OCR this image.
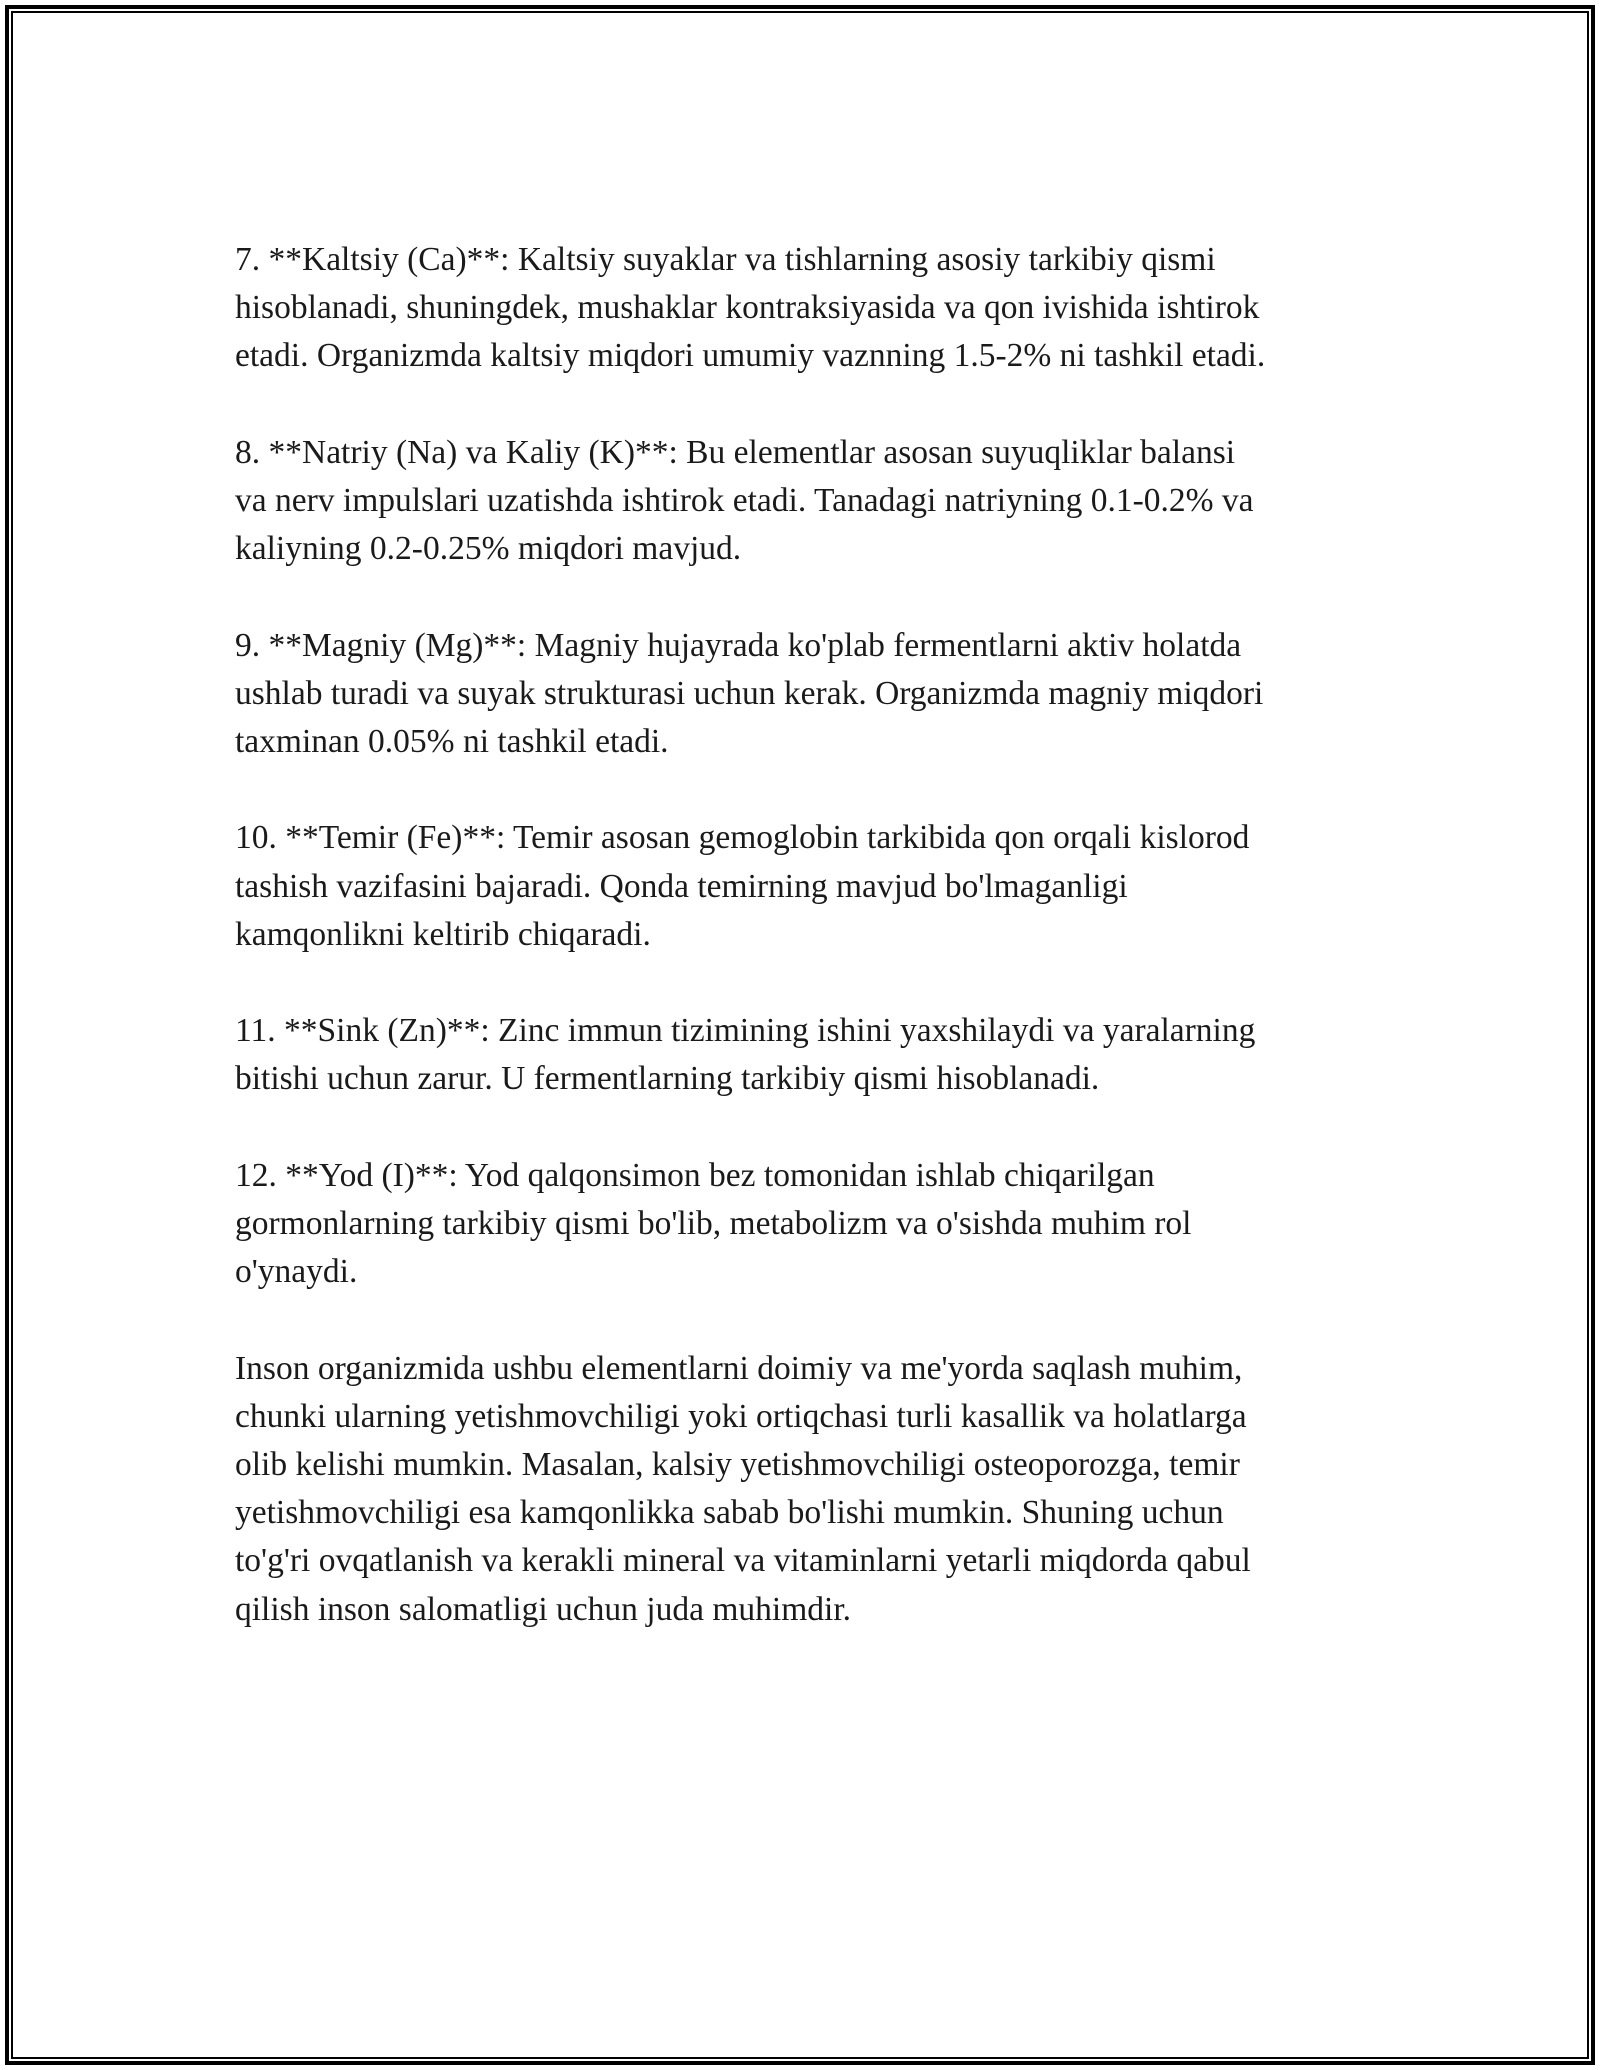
7. **Kaltsiy (Ca)**: Kaltsiy suyaklar va tishlarning asosiy tarkibiy qismi
hisoblanadi, shuningdek, mushaklar kontraksiyasida va qon ivishida ishtirok
etadi. Organizmda kaltsiy miqdori umumiy vaznning 1.5-2% ni tashkil etadi.

8. **Natriy (Na) va Kaliy (K)**: Bu elementlar asosan suyuqliklar balansi
va nerv impulslari uzatishda ishtirok etadi. Tanadagi natriyning 0.1-0.2% va
kaliyning 0.2-0.25% miqdori mavjud.

9. **Magniy (Mg)**: Magniy hujayrada ko'plab fermentlarni aktiv holatda
ushlab turadi va suyak strukturasi uchun kerak. Organizmda magniy miqdori
taxminan 0.05% ni tashkil etadi.

10. **Temir (Fe)**: Temir asosan gemoglobin tarkibida qon orqali kislorod
tashish vazifasini bajaradi. Qonda temirning mavjud bo'lmaganligi
kamqonlikni keltirib chiqaradi.

11. **Sink (Zn)**: Zinc immun tizimining ishini yaxshilaydi va yaralarning
bitishi uchun zarur. U fermentlarning tarkibiy qismi hisoblanadi.

12. **Yod (I)**: Yod qalqonsimon bez tomonidan ishlab chiqarilgan
gormonlarning tarkibiy qismi bo'lib, metabolizm va o'sishda muhim rol
o'ynaydi.

Inson organizmida ushbu elementlarni doimiy va me'yorda saqlash muhim,
chunki ularning yetishmovchiligi yoki ortiqchasi turli kasallik va holatlarga
olib kelishi mumkin. Masalan, kalsiy yetishmovchiligi osteoporozga, temir
yetishmovchiligi esa kamqonlikka sabab bo'lishi mumkin. Shuning uchun
to'g'ri ovqatlanish va kerakli mineral va vitaminlarni yetarli miqdorda qabul
qilish inson salomatligi uchun juda muhimdir.
